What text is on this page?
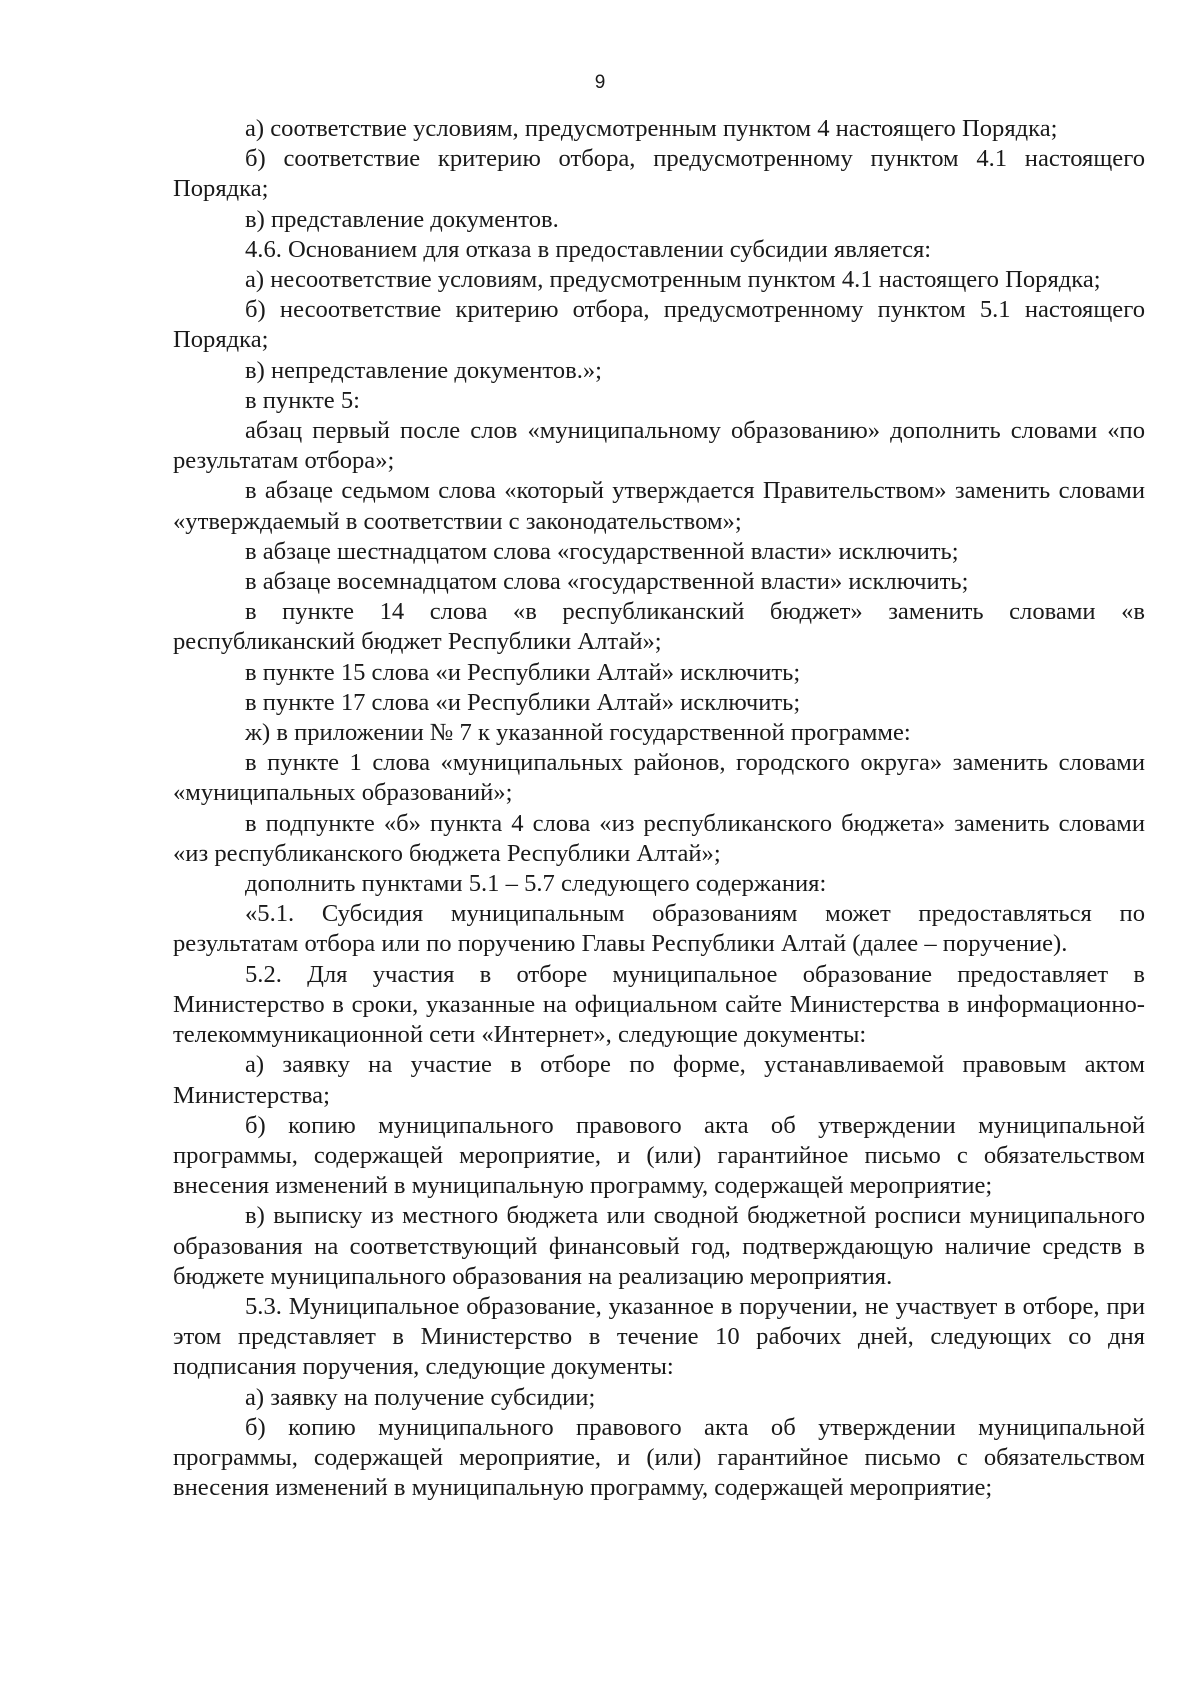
9

а) соответствие условиям, предусмотренным пунктом 4 настоящего Порядка;

б) соответствие критерию отбора, предусмотренному пунктом 4.1 настоящего Порядка;

в) представление документов.

4.6. Основанием для отказа в предоставлении субсидии является:

а) несоответствие условиям, предусмотренным пунктом 4.1 настоящего Порядка;

б) несоответствие критерию отбора, предусмотренному пунктом 5.1 настоящего Порядка;

в) непредставление документов.»;

в пункте 5:

абзац первый после слов «муниципальному образованию» дополнить словами «по результатам отбора»;

в абзаце седьмом слова «который утверждается Правительством» заменить словами «утверждаемый в соответствии с законодательством»;

в абзаце шестнадцатом слова «государственной власти» исключить;

в абзаце восемнадцатом слова «государственной власти» исключить;

в пункте 14 слова «в республиканский бюджет» заменить словами «в республиканский бюджет Республики Алтай»;

в пункте 15 слова «и Республики Алтай» исключить;

в пункте 17 слова «и Республики Алтай» исключить;

ж) в приложении № 7 к указанной государственной программе:

в пункте 1 слова «муниципальных районов, городского округа» заменить словами «муниципальных образований»;

в подпункте «б» пункта 4 слова «из республиканского бюджета» заменить словами «из республиканского бюджета Республики Алтай»;

дополнить пунктами 5.1 – 5.7 следующего содержания:

«5.1. Субсидия муниципальным образованиям может предоставляться по результатам отбора или по поручению Главы Республики Алтай (далее – поручение).

5.2. Для участия в отборе муниципальное образование предоставляет в Министерство в сроки, указанные на официальном сайте Министерства в информационно- телекоммуникационной сети «Интернет», следующие документы:

а) заявку на участие в отборе по форме, устанавливаемой правовым актом Министерства;

б) копию муниципального правового акта об утверждении муниципальной программы, содержащей мероприятие, и (или) гарантийное письмо с обязательством внесения изменений в муниципальную программу, содержащей мероприятие;

в) выписку из местного бюджета или сводной бюджетной росписи муниципального образования на соответствующий финансовый год, подтверждающую наличие средств в бюджете муниципального образования на реализацию мероприятия.

5.3. Муниципальное образование, указанное в поручении, не участвует в отборе, при этом представляет в Министерство в течение 10 рабочих дней, следующих со дня подписания поручения, следующие документы:

а) заявку на получение субсидии;

б) копию муниципального правового акта об утверждении муниципальной программы, содержащей мероприятие, и (или) гарантийное письмо с обязательством внесения изменений в муниципальную программу, содержащей мероприятие;
